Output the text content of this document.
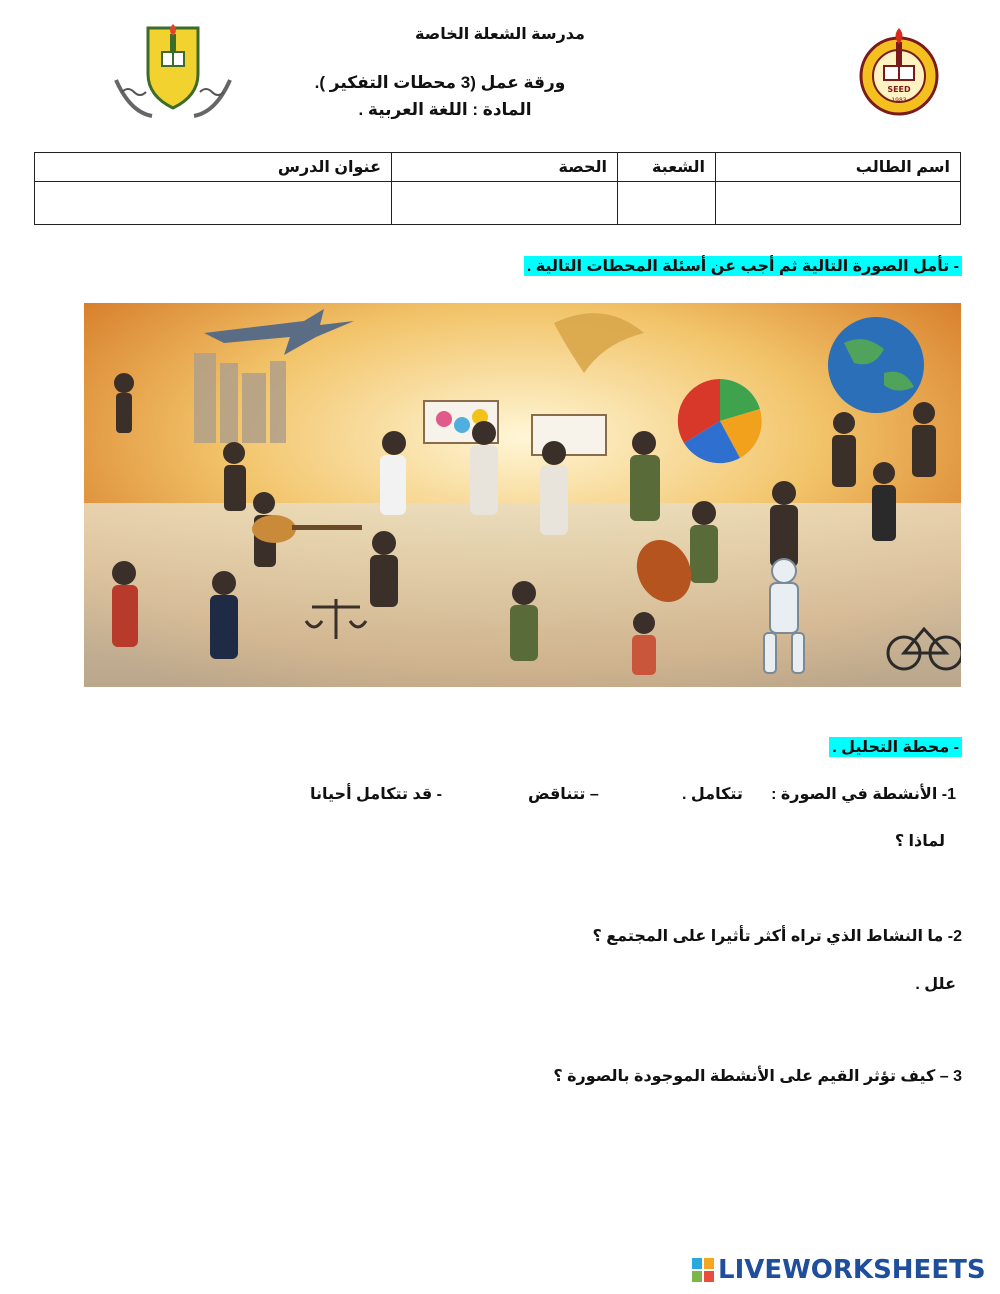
مدرسة الشعلة الخاصة
ورقة عمل (3 محطات التفكير ).
المادة : اللغة العربية .
SEED
1983
اسم الطالب	الشعبة	الحصة	عنوان الدرس

- تأمل الصورة التالية ثم أجب عن أسئلة المحطات التالية .
- محطة التحليل .
1- الأنشطة في الصورة :
تتكامل .
– تتناقض
- قد تتكامل أحيانا
لماذا ؟
2- ما النشاط الذي تراه أكثر تأثيرا على المجتمع ؟
علل .
3 – كيف تؤثر القيم على الأنشطة الموجودة بالصورة ؟
LIVEWORKSHEETS
